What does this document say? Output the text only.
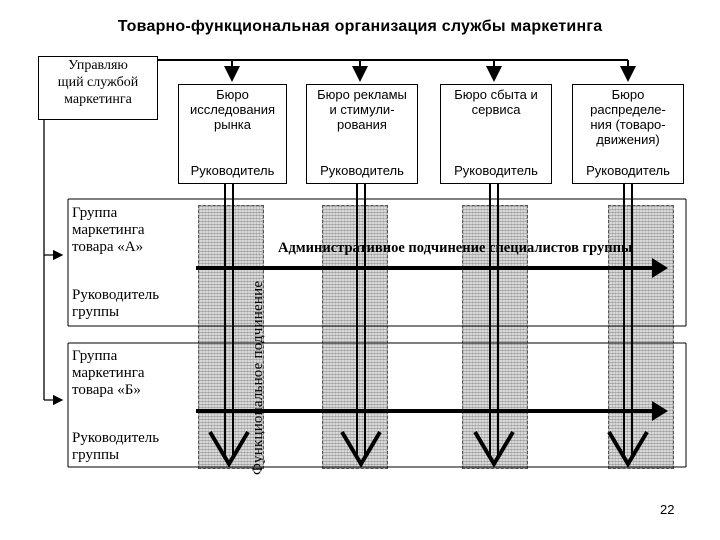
Товарно-функциональная организация службы маркетинга
Управляю
щий службой
маркетинга	Бюро
исследования
рынка
Руководитель
Бюро рекламы
и стимули-
рования
Руководитель
Бюро сбыта и
сервиса
Руководитель
Бюро
распределе-
ния (товаро-
движения)
Руководитель
Группа
маркетинга
товара «А»
Руководитель
группы
Группа
маркетинга
товара «Б»
Руководитель
группы	Функциональное подчинение
Административное подчинение специалистов группы
22
